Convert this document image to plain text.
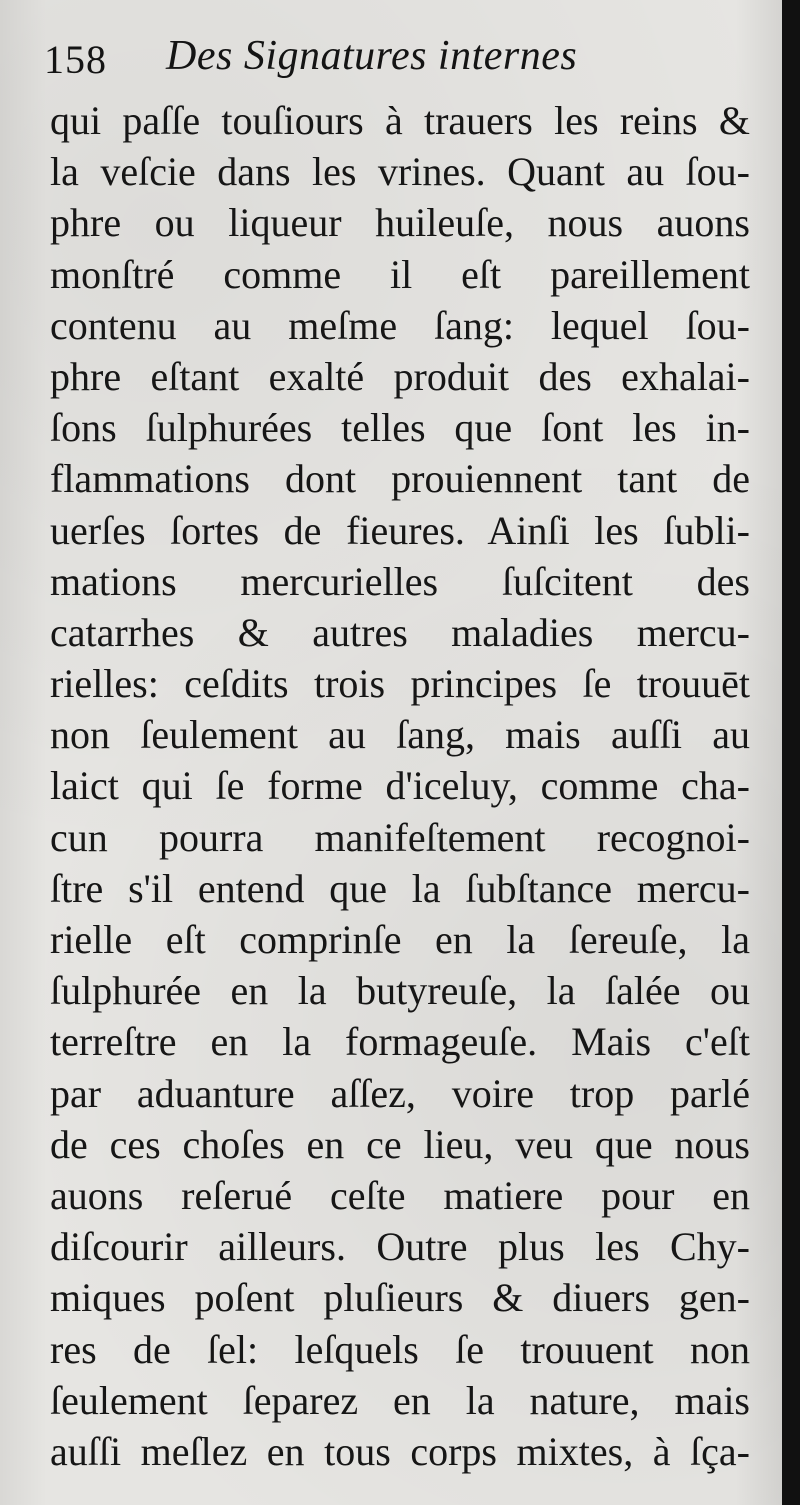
158 Des Signatures internes
qui paſſe touſiours à trauers les reins &
la veſcie dans les vrines. Quant au ſou-
phre ou liqueur huileuſe, nous auons
monſtré comme il eſt pareillement
contenu au meſme ſang: lequel ſou-
phre eſtant exalté produit des exhalai-
ſons ſulphurées telles que ſont les in-
flammations dont prouiennent tant de
uerſes ſortes de fieures. Ainſi les ſubli-
mations mercurielles ſuſcitent des
catarrhes & autres maladies mercu-
rielles: ceſdits trois principes ſe trouuēt
non ſeulement au ſang, mais auſſi au
laict qui ſe forme d'iceluy, comme cha-
cun pourra manifeſtement recognoi-
ſtre s'il entend que la ſubſtance mercu-
rielle eſt comprinſe en la ſereuſe, la
ſulphurée en la butyreuſe, la ſalée ou
terreſtre en la formageuſe. Mais c'eſt
par aduanture aſſez, voire trop parlé
de ces choſes en ce lieu, veu que nous
auons reſerué ceſte matiere pour en
diſcourir ailleurs. Outre plus les Chy-
miques poſent pluſieurs & diuers gen-
res de ſel: leſquels ſe trouuent non
ſeulement ſeparez en la nature, mais
auſſi meſlez en tous corps mixtes, à ſça-
